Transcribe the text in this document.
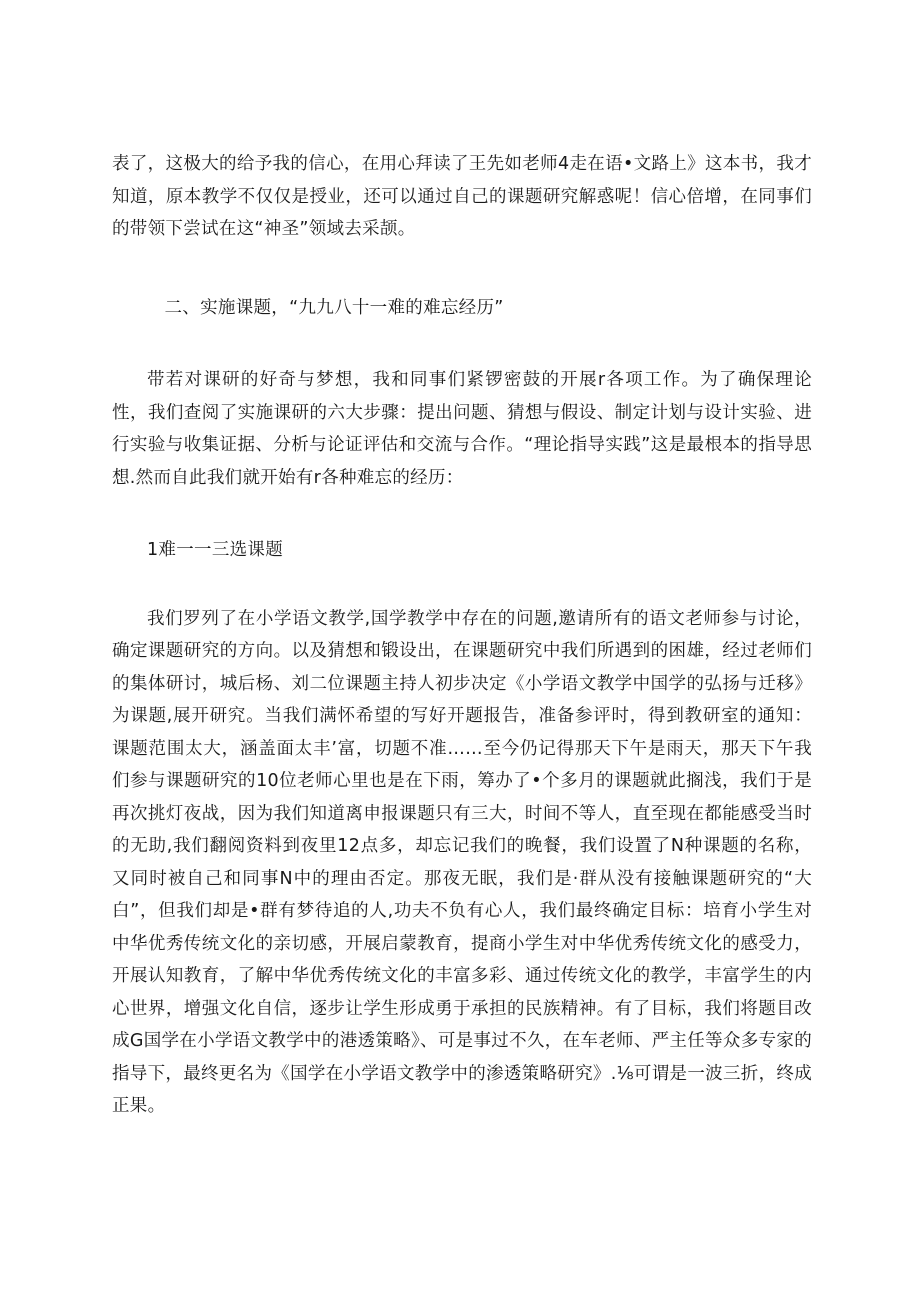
表了，这极大的给予我的信心，在用心拜读了王先如老师4走在语•文路上》这本书，我才知道，原本教学不仅仅是授业，还可以通过自己的课题研究解惑呢！信心倍增，在同事们的带领下尝试在这“神圣”领域去采颉。

二、实施课题，“九九八十一难的难忘经历”

带若对课研的好奇与梦想，我和同事们紧锣密鼓的开展r各项工作。为了确保理论性，我们查阅了实施课研的六大步骤：提出问题、猜想与假设、制定计划与设计实验、进行实验与收集证据、分析与论证评估和交流与合作。“理论指导实践”这是最根本的指导思想.然而自此我们就开始有r各种难忘的经历：

1难一一三选课题

我们罗列了在小学语文教学,国学教学中存在的问题,邀请所有的语文老师参与讨论，确定课题研究的方向。以及猜想和锻设出，在课题研究中我们所遇到的困雄，经过老师们的集体研讨，城后杨、刘二位课题主持人初步决定《小学语文教学中国学的弘扬与迁移》为课题,展开研究。当我们满怀希望的写好开题报告，准备参评时，得到教研室的通知：课题范围太大，涵盖面太丰’富，切题不准……至今仍记得那天下午是雨天，那天下午我们参与课题研究的10位老师心里也是在下雨，筹办了•个多月的课题就此搁浅，我们于是再次挑灯夜战，因为我们知道离申报课题只有三大，时间不等人，直至现在都能感受当时的无助,我们翻阅资料到夜里12点多，却忘记我们的晚餐，我们设置了N种课题的名称，又同时被自己和同事N中的理由否定。那夜无眠，我们是·群从没有接触课题研究的“大白”，但我们却是•群有梦待追的人,功夫不负有心人，我们最终确定目标：培育小学生对中华优秀传统文化的亲切感，开展启蒙教育，提商小学生对中华优秀传统文化的感受力，开展认知教育，了解中华优秀传统文化的丰富多彩、通过传统文化的教学，丰富学生的内心世界，增强文化自信，逐步让学生形成勇于承担的民族精神。有了目标，我们将题目改成G国学在小学语文教学中的港透策略》、可是事过不久，在车老师、严主任等众多专家的指导下，最终更名为《国学在小学语文教学中的渗透策略研究》.⅛可谓是一波三折，终成正果。
